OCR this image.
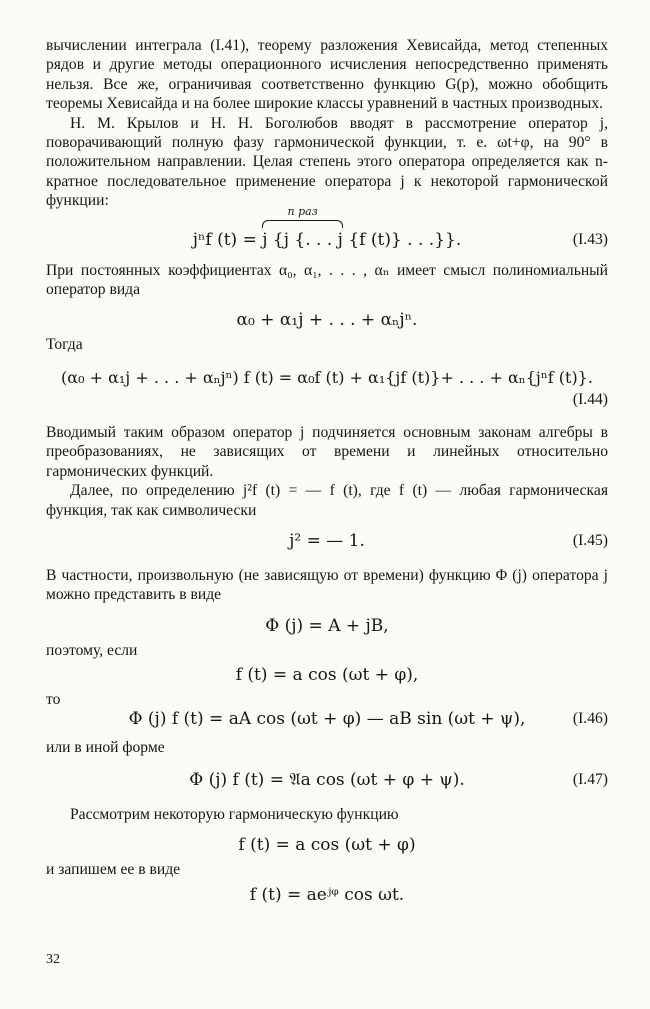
вычислении интеграла (I.41), теорему разложения Хевисайда, метод степенных рядов и другие методы операционного исчисления непосредственно применять нельзя. Все же, ограничивая соответственно функцию G(p), можно обобщить теоремы Хевисайда и на более широкие классы уравнений в частных производных.

Н. М. Крылов и Н. Н. Боголюбов вводят в рассмотрение оператор j, поворачивающий полную фазу гармонической функции, т. е. ωt+φ, на 90° в положительном направлении. Целая степень этого оператора определяется как n-кратное последовательное применение оператора j к некоторой гармонической функции:

jⁿf (t) =
n раз
j {j {. . . j {f (t)} . . .}}.	(I.43)

При постоянных коэффициентах α₀, α₁, . . . , αₙ имеет смысл полиномиальный оператор вида

α₀ + α₁j + . . . + αₙjⁿ.

Тогда

(α₀ + α₁j + . . . + αₙjⁿ) f (t) = α₀f (t) + α₁{jf (t)}+ . . . + αₙ{jⁿf (t)}.
(I.44)

Вводимый таким образом оператор j подчиняется основным законам алгебры в преобразованиях, не зависящих от времени и линейных относительно гармонических функций.

Далее, по определению j²f (t) = — f (t), где f (t) — любая гармоническая функция, так как символически

j² = — 1.	(I.45)

В частности, произвольную (не зависящую от времени) функцию Φ (j) оператора j можно представить в виде

Φ (j) = A + jB,

поэтому, если

f (t) = a cos (ωt + φ),

то

Φ (j) f (t) = aA cos (ωt + φ) — aB sin (ωt + ψ),	(I.46)

или в иной форме

Φ (j) f (t) = 𝔄a cos (ωt + φ + ψ).	(I.47)

Рассмотрим некоторую гармоническую функцию

f (t) = a cos (ωt + φ)

и запишем ее в виде

f (t) = aeʲᵠ cos ωt.
32
